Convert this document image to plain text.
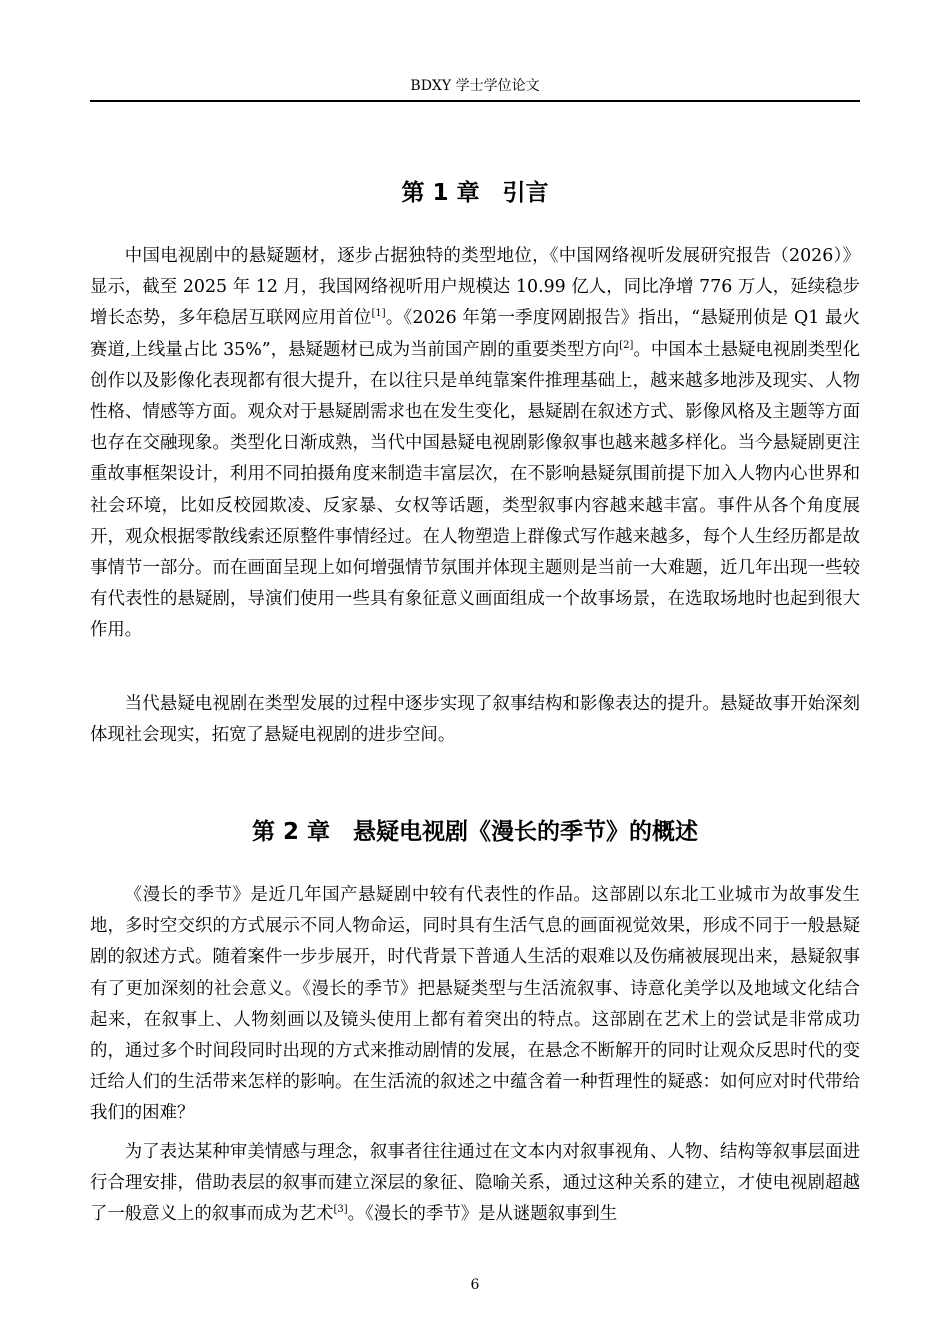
BDXY 学士学位论文
第 1 章　引言

中国电视剧中的悬疑题材，逐步占据独特的类型地位，《中国网络视听发展研究报告（2026）》显示，截至 2025 年 12 月，我国网络视听用户规模达 10.99 亿人，同比净增 776 万人，延续稳步增长态势，多年稳居互联网应用首位[1]。《2026 年第一季度网剧报告》指出，“悬疑刑侦是 Q1 最火赛道,上线量占比 35%”，悬疑题材已成为当前国产剧的重要类型方向[2]。中国本土悬疑电视剧类型化创作以及影像化表现都有很大提升，在以往只是单纯靠案件推理基础上，越来越多地涉及现实、人物性格、情感等方面。观众对于悬疑剧需求也在发生变化，悬疑剧在叙述方式、影像风格及主题等方面也存在交融现象。类型化日渐成熟，当代中国悬疑电视剧影像叙事也越来越多样化。当今悬疑剧更注重故事框架设计，利用不同拍摄角度来制造丰富层次，在不影响悬疑氛围前提下加入人物内心世界和社会环境，比如反校园欺凌、反家暴、女权等话题，类型叙事内容越来越丰富。事件从各个角度展开，观众根据零散线索还原整件事情经过。在人物塑造上群像式写作越来越多，每个人生经历都是故事情节一部分。而在画面呈现上如何增强情节氛围并体现主题则是当前一大难题，近几年出现一些较有代表性的悬疑剧，导演们使用一些具有象征意义画面组成一个故事场景，在选取场地时也起到很大作用。

当代悬疑电视剧在类型发展的过程中逐步实现了叙事结构和影像表达的提升。悬疑故事开始深刻体现社会现实，拓宽了悬疑电视剧的进步空间。

第 2 章　悬疑电视剧《漫长的季节》的概述

《漫长的季节》是近几年国产悬疑剧中较有代表性的作品。这部剧以东北工业城市为故事发生地，多时空交织的方式展示不同人物命运，同时具有生活气息的画面视觉效果，形成不同于一般悬疑剧的叙述方式。随着案件一步步展开，时代背景下普通人生活的艰难以及伤痛被展现出来，悬疑叙事有了更加深刻的社会意义。《漫长的季节》把悬疑类型与生活流叙事、诗意化美学以及地域文化结合起来，在叙事上、人物刻画以及镜头使用上都有着突出的特点。这部剧在艺术上的尝试是非常成功的，通过多个时间段同时出现的方式来推动剧情的发展，在悬念不断解开的同时让观众反思时代的变迁给人们的生活带来怎样的影响。在生活流的叙述之中蕴含着一种哲理性的疑惑：如何应对时代带给我们的困难？

为了表达某种审美情感与理念，叙事者往往通过在文本内对叙事视角、人物、结构等叙事层面进行合理安排，借助表层的叙事而建立深层的象征、隐喻关系，通过这种关系的建立，才使电视剧超越了一般意义上的叙事而成为艺术[3]。《漫长的季节》是从谜题叙事到生

6
